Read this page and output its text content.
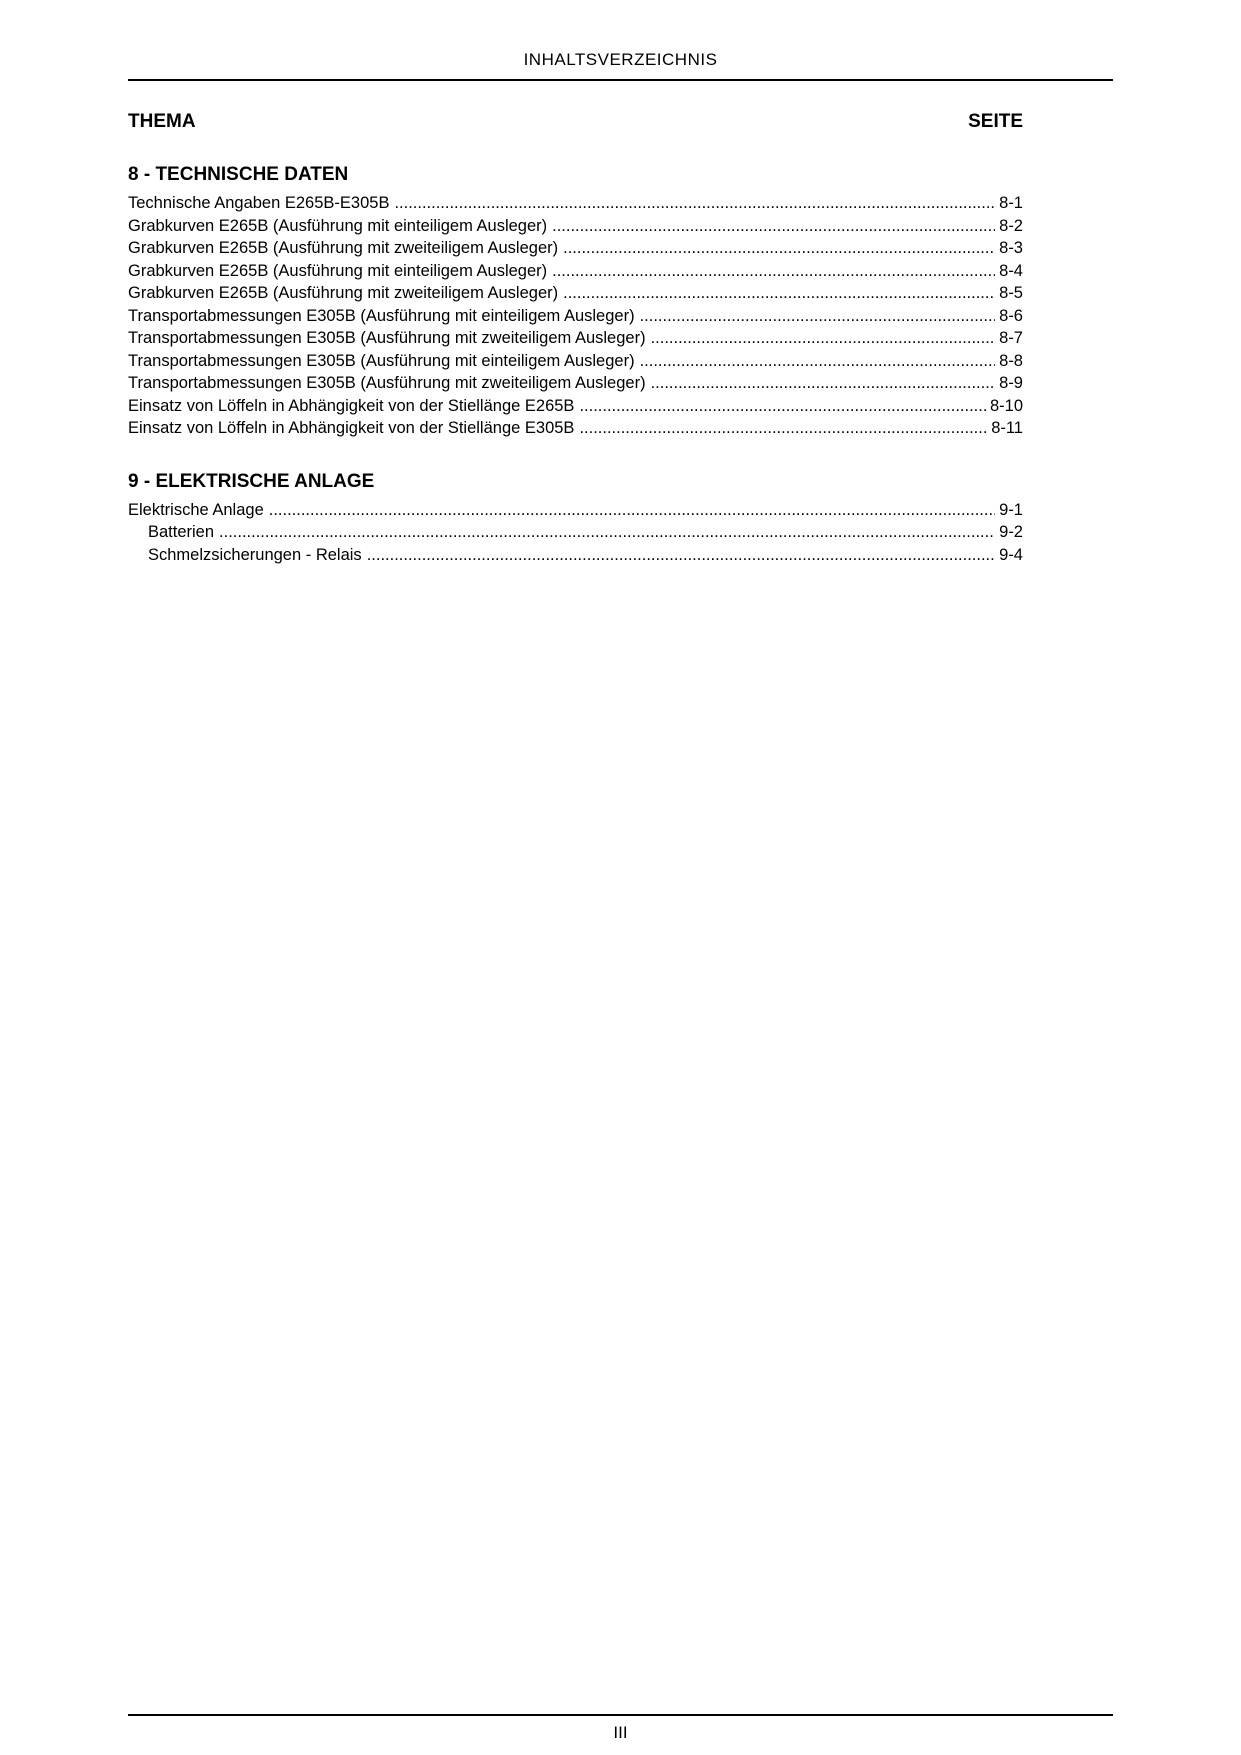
INHALTSVERZEICHNIS
THEMA	SEITE
8 - TECHNISCHE DATEN
Technische Angaben E265B-E305B .....	8-1
Grabkurven E265B (Ausführung mit einteiligem Ausleger) .....	8-2
Grabkurven E265B (Ausführung mit zweiteiligem Ausleger) .....	8-3
Grabkurven E265B (Ausführung mit einteiligem Ausleger) .....	8-4
Grabkurven E265B (Ausführung mit zweiteiligem Ausleger) .....	8-5
Transportabmessungen E305B (Ausführung mit einteiligem Ausleger) .....	8-6
Transportabmessungen E305B (Ausführung mit zweiteiligem Ausleger) .....	8-7
Transportabmessungen E305B (Ausführung mit einteiligem Ausleger) .....	8-8
Transportabmessungen E305B (Ausführung mit zweiteiligem Ausleger) .....	8-9
Einsatz von Löffeln in Abhängigkeit von der Stiellänge E265B .....	8-10
Einsatz von Löffeln in Abhängigkeit von der Stiellänge E305B .....	8-11
9 - ELEKTRISCHE ANLAGE
Elektrische Anlage .....	9-1
Batterien .....	9-2
Schmelzsicherungen - Relais .....	9-4
III
